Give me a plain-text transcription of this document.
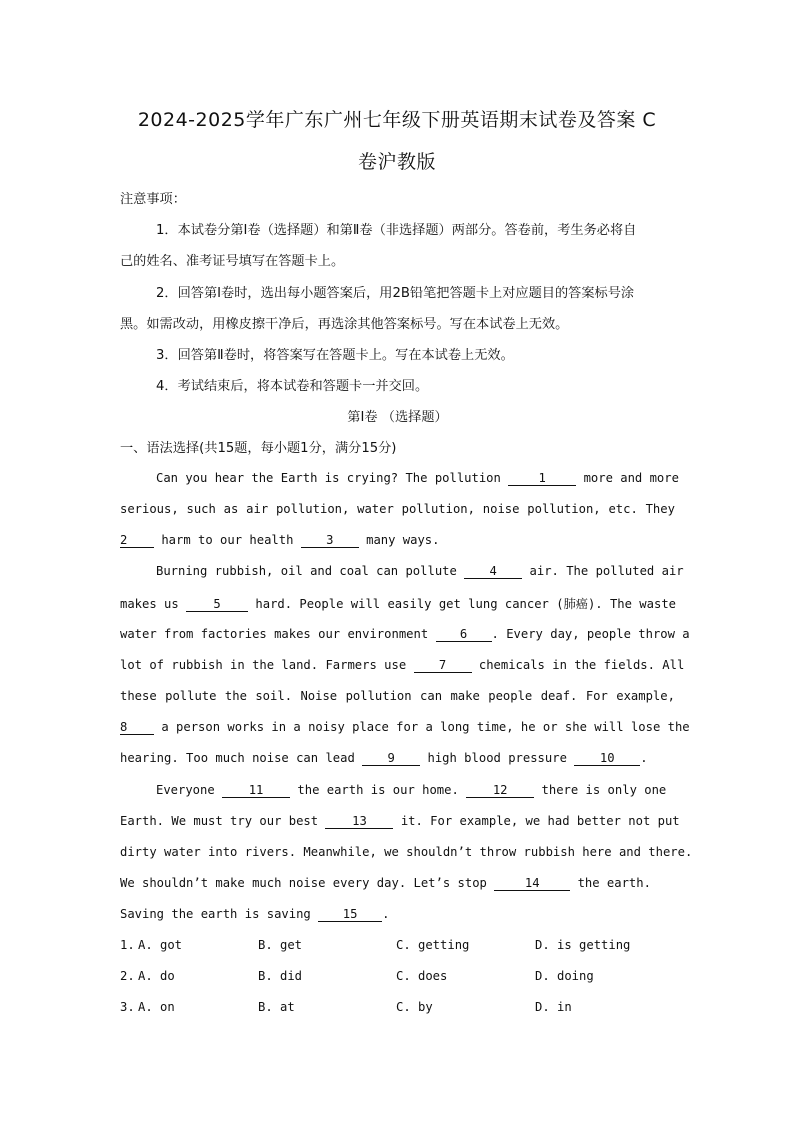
2024-2025学年广东广州七年级下册英语期末试卷及答案 C
卷沪教版
注意事项：
1．本试卷分第Ⅰ卷（选择题）和第Ⅱ卷（非选择题）两部分。答卷前，考生务必将自
己的姓名、准考证号填写在答题卡上。
2．回答第Ⅰ卷时，选出每小题答案后，用2B铅笔把答题卡上对应题目的答案标号涂
黑。如需改动，用橡皮擦干净后，再选涂其他答案标号。写在本试卷上无效。
3．回答第Ⅱ卷时，将答案写在答题卡上。写在本试卷上无效。
4．考试结束后，将本试卷和答题卡一并交回。
第Ⅰ卷 （选择题）
一、语法选择(共15题，每小题1分，满分15分)
Can you hear the Earth is crying? The pollution	1	more and more
serious, such as air pollution, water pollution, noise pollution, etc. They
2	harm to our health	3	many ways.
Burning rubbish, oil and coal can pollute	4	air. The polluted air
makes us	5	hard. People will easily get lung cancer (肺癌). The waste
water from factories makes our environment	6 . Every day, people throw a
lot of rubbish in the land. Farmers use	7	chemicals in the fields. All
these pollute the soil. Noise pollution can make people deaf. For example,
8	a person works in a noisy place for a long time, he or she will lose the
hearing. Too much noise can lead	9	high blood pressure	10 .
Everyone	11	the earth is our home.	12	there is only one
Earth. We must try our best	13	it. For example, we had better not put
dirty water into rivers. Meanwhile, we shouldn’t throw rubbish here and there.
We shouldn’t make much noise every day. Let’s stop	14	the earth.
Saving the earth is saving	15 .
1. A. got	B. get	C. getting	D. is getting
2. A. do	B. did	C. does	D. doing
3. A. on	B. at	C. by	D. in
